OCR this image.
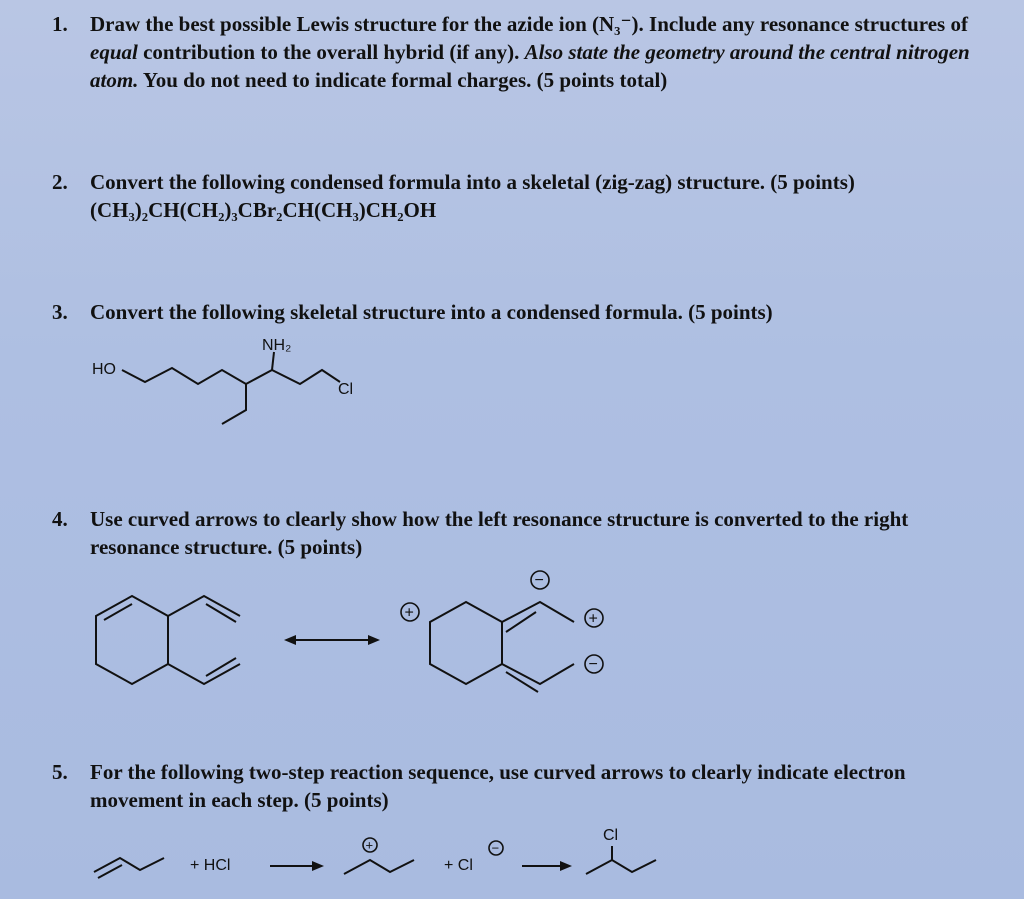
1. Draw the best possible Lewis structure for the azide ion (N₃⁻). Include any resonance structures of equal contribution to the overall hybrid (if any). Also state the geometry around the central nitrogen atom. You do not need to indicate formal charges. (5 points total)
2. Convert the following condensed formula into a skeletal (zig-zag) structure. (5 points)
(CH₃)₂CH(CH₂)₃CBr₂CH(CH₃)CH₂OH
3. Convert the following skeletal structure into a condensed formula. (5 points)
HO
NH₂
Cl
4. Use curved arrows to clearly show how the left resonance structure is converted to the right resonance structure. (5 points)
+
−
+
−
5. For the following two-step reaction sequence, use curved arrows to clearly indicate electron movement in each step. (5 points)
+ HCl
+
+ Cl
−
Cl
